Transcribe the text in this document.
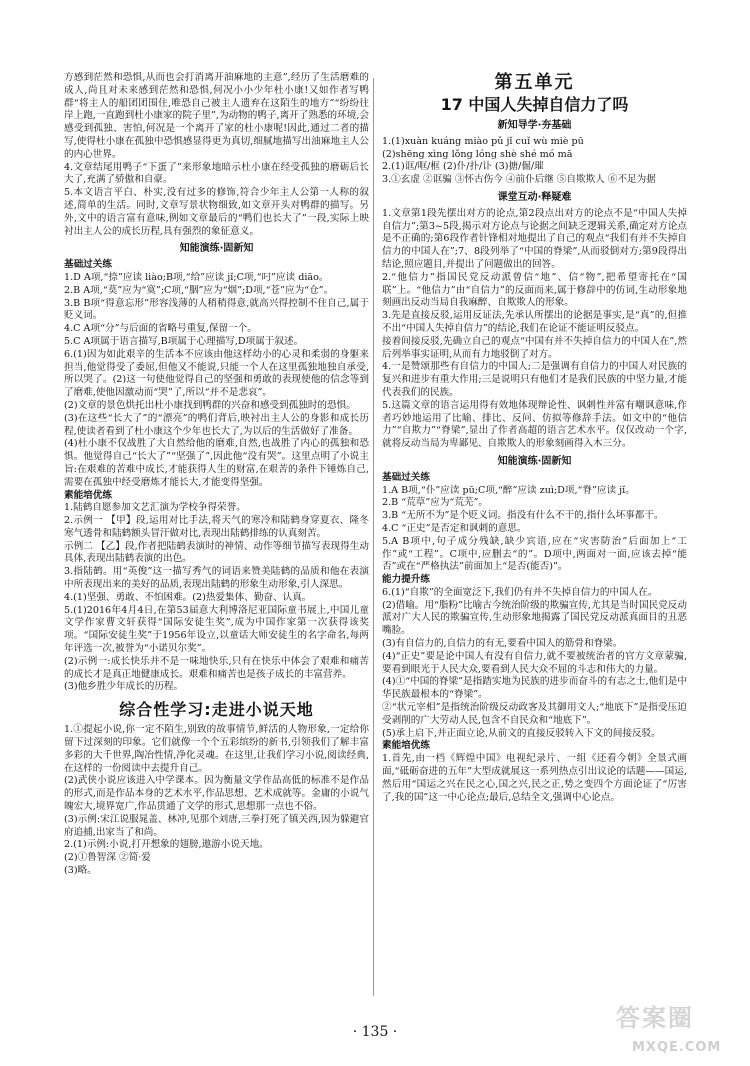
方感到茫然和恐惧,从而也会打消离开油麻地的主意”,经历了生活磨难的成人,尚且对未来感到茫然和恐惧,何况小小少年杜小康!又如作者写鸭群“将主人的船团团围住,唯恐自己被主人遗弃在这陌生的地方”“纷纷往岸上跑,一直跑到杜小康家的院子里”,为动物的鸭子,离开了熟悉的环境,会感受到孤独、害怕,何况是一个离开了家的杜小康呢!因此,通过二者的描写,使得杜小康在孤独中恐惧感显得更为真切,细腻地描写出油麻地主人公的内心世界。

4.文章结尾用鸭子“下蛋了”来形象地暗示杜小康在经受孤独的磨砺后长大了,充满了骄傲和自豪。

5.本文语言平白、朴实,没有过多的修饰,符合少年主人公第一人称的叙述,简单的生活。同时,文章写景状物细致,如文章开头对鸭群的描写。另外,文中的语言富有意味,例如文章最后的“鸭们也长大了”一段,实际上映衬出主人公的成长历程,具有强烈的象征意义。

知能演练·固新知
基础过关练

1.D A项,“捺”应读 liào;B项,“给”应读 jǐ;C项,“叼”应读 diāo。

2.B A项,“莫”应为“寞”;C项,“胭”应为“烟”;D项,“苍”应为“仓”。

3.B B项“得意忘形”形容浅薄的人稍稍得意,就高兴得控制不住自己,属于贬义词。

4.C A项“分”与后面的省略号重复,保留一个。

5.C A项属于语言描写,B项属于心理描写,D项属于叙述。

6.(1)因为如此艰辛的生活本不应该由他这样幼小的心灵和柔弱的身躯来担当,他觉得受了委屈,但他又不能说,只能一个人在这里孤独地独自承受,所以哭了。(2)这一句使他觉得自己的坚强和勇敢的表现使他的信念等到了磨难,使他因激动而“哭”了,所以“并不是悲哀”。

(2)文章的景色烘托出杜小康找到鸭群的兴奋和感受到孤独时的恐惧。

(3)在这些“长大了”的“漂亮”的鸭们背后,映衬出主人公的身影和成长历程,使读者看到了杜小康这个少年也长大了,为以后的生活做好了准备。

(4)杜小康不仅战胜了大自然给他的磨难,自然,也战胜了内心的孤独和恐惧。他觉得自己“长大了”“坚强了”,因此他“没有哭”。这里点明了小说主旨:在艰难的苦难中成长,才能获得人生的财富,在艰苦的条件下锤炼自己,需要在孤独中经受磨炼才能长大,才能变得坚强。

素能培优练

1.陆鹤自愿参加文艺汇演为学校争得荣誉。

2.示例一 【甲】段,运用对比手法,将天气的寒冷和陆鹤身穿夏衣、隆冬寒气透骨和陆鹤额头冒汗做对比,表现出陆鹤排练的认真刻苦。

示例二 【乙】段,作者把陆鹤表演时的神情、动作等细节描写表现得生动具体,表现出陆鹤表演的出色。

3.指陆鹤。用“英俊”这一描写秀气的词语来赞美陆鹤的品质和他在表演中所表现出来的美好的品质,表现出陆鹤的形象生动形象,引人深思。

4.(1)坚强、勇敢、不怕困难。(2)热爱集体、勤奋、认真。

5.(1)2016年4月4日,在第53届意大利博洛尼亚国际童书展上,中国儿童文学作家曹文轩获得“国际安徒生奖”,成为中国作家第一次获得该奖项。“国际安徒生奖”于1956年设立,以童话大师安徒生的名字命名,每两年评选一次,被誉为“小诺贝尔奖”。

(2)示例一:成长快乐并不是一味地快乐,只有在快乐中体会了艰难和痛苦的成长才是真正地健康成长。艰难和痛苦也是孩子成长的丰富营养。

(3)他乡胜少年成长的历程。

综合性学习:走进小说天地

1.①提起小说,你一定不陌生,别致的故事情节,鲜活的人物形象,一定给你留下过深刻的印象。它们就像一个个五彩缤纷的新书,引领我们了解丰富多彩的大千世界,陶冶性情,净化灵魂。在这里,让我们学习小说,阅读经典,在这样的一份阅读中去提升自己。

(2)武侠小说应该进入中学课本。因为衡量文学作品高低的标准不是作品的形式,而是作品本身的艺术水平,作品思想、艺术成就等。金庸的小说气魄宏大,境界宽广,作品贯通了文学的形式,思想那一点也不俗。

(3)示例:宋江说服晁盖、林冲,见那个刘唐,三拳打死了镇关西,因为躲避官府追捕,出家当了和尚。

2.(1)示例:小说,打开想象的翅膀,遨游小说天地。

(2)①鲁智深 ②简·爱

(3)略。

第五单元
17 中国人失掉自信力了吗
新知导学·夯基础

1.(1)xuàn kuáng miào pǔ jǐ cuǐ wù miè pū

(2)shēng xìng lǒng lóng shè shé mó mā

2.(1)诓/哐/框 (2)仆/扑/讣 (3)搪/倔/璀

3.①玄虚 ②诓骗 ③怀古伤今 ④前仆后继 ⑤自欺欺人 ⑥不足为据

课堂互动·释疑难

1.文章第1段先摆出对方的论点,第2段点出对方的论点不是“中国人失掉自信力”;第3~5段,揭示对方论点与论据之间缺乏逻辑关系,确定对方论点是不正确的;第6段作者针锋相对地提出了自己的观点“我们有并不失掉自信力的中国人在”;7、8段列举了“中国的脊梁”,从而驳倒对方;第9段得出结论,照应题目,并提出了问题做出的回答。

2.“他信力”指国民党反动派曾信“地”、信“物”,把希望寄托在“国联”上。“他信力”由“自信力”的反面而来,属于修辞中的仿词,生动形象地刻画出反动当局自我麻醉、自欺欺人的形象。

3.先是直接反驳,运用反证法,先承认所摆出的论据是事实,是“真”的,但推不出“中国人失掉自信力”的结论,我们在论证不能证明反驳点。

接着间接反驳,先确立自己的观点“中国有并不失掉自信力的中国人在”,然后列举事实证明,从而有力地驳倒了对方。

4.一是赞颂那些有自信力的中国人;二是强调有自信力的中国人对民族的复兴和进步有重大作用;三是说明只有他们才是我们民族的中坚力量,才能代表我们的民族。

5.这篇文章的语言运用得有效地体现辩论性、讽刺性并富有嘲讽意味,作者巧妙地运用了比喻、排比、反问、仿拟等修辞手法。如文中的“他信力”“自欺力”“脊梁”,显出了作者高超的语言艺术水平。仅仅改动一个字,就将反动当局为卑鄙见、自欺欺人的形象刻画得入木三分。

知能演练·固新知
基础过关练

1.A B项,“仆”应读 pū;C项,“醉”应读 zuì;D项,“脊”应读 jǐ。

2.B “荒草”应为“荒芜”。

3.B “无所不为”是个贬义词。指没有什么不干的,指什么坏事都干。

4.C “正史”是否定和讽刺的意思。

5.A B项中,句子成分残缺,缺少宾语,应在“灾害防治”后面加上“工作”或“工程”。C项中,应删去“的”。D项中,两面对一面,应该去掉“能否”或在“严格执法”前面加上“是否(能否)”。

能力提升练

6.(1)“自欺”的全面宽泛下,我们仍有并不失掉自信力的中国人在。

(2)借喻。用“脂粉”比喻古今统治阶级的欺骗宣传,尤其是当时国民党反动派对广大人民的欺骗宣传,生动形象地揭露了国民党反动派真面目的丑恶嘴脸。

(3)有自信力的,自信力的有无,要看中国人的筋骨和脊梁。

(4)“正史”要是论中国人有没有自信力,就不要被统治者的官方文章蒙骗,要看到眼光于人民大众,要看到人民大众不屈的斗志和伟大的力量。

(4)①“中国的脊梁”是指踏实地为民族的进步而奋斗的有志之士,他们是中华民族最根本的“脊梁”。

②“状元宰相”是指统治阶级反动政客及其御用文人;“地底下”是指受压迫受剥削的广大劳动人民,包含不自民众和“地底下”。

(5)承上启下,并正面立论,从前文的直接反驳转入下文的间接反驳。

素能培优练

1.首先,由一档《辉煌中国》电视纪录片、一组《还看今朝》全景式画面,“砥砺奋进的五年”大型成就展这一系列热点引出议论的话题——国运,然后用“国运之兴在民之心,国之兴,民之正,势之变四个方面论证了“厉害了,我的国”这一中心论点;最后,总结全文,强调中心论点。

· 135 ·	答案圈
MXQE.COM
